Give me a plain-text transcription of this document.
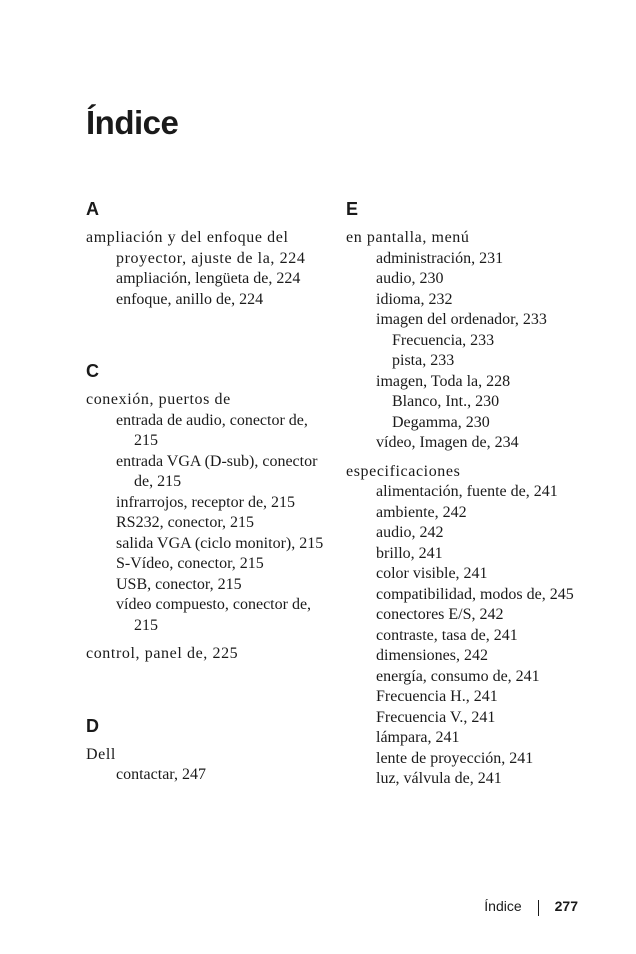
Índice
A
ampliación y del enfoque del proyector, ajuste de la, 224
ampliación, lengüeta de, 224
enfoque, anillo de, 224
C
conexión, puertos de
entrada de audio, conector de, 215
entrada VGA (D-sub), conector de, 215
infrarrojos, receptor de, 215
RS232, conector, 215
salida VGA (ciclo monitor), 215
S-Vídeo, conector, 215
USB, conector, 215
vídeo compuesto, conector de, 215
control, panel de, 225
D
Dell
contactar, 247
E
en pantalla, menú
administración, 231
audio, 230
idioma, 232
imagen del ordenador, 233
Frecuencia, 233
pista, 233
imagen, Toda la, 228
Blanco, Int., 230
Degamma, 230
vídeo, Imagen de, 234
especificaciones
alimentación, fuente de, 241
ambiente, 242
audio, 242
brillo, 241
color visible, 241
compatibilidad, modos de, 245
conectores E/S, 242
contraste, tasa de, 241
dimensiones, 242
energía, consumo de, 241
Frecuencia H., 241
Frecuencia V., 241
lámpara, 241
lente de proyección, 241
luz, válvula de, 241
Índice 277
